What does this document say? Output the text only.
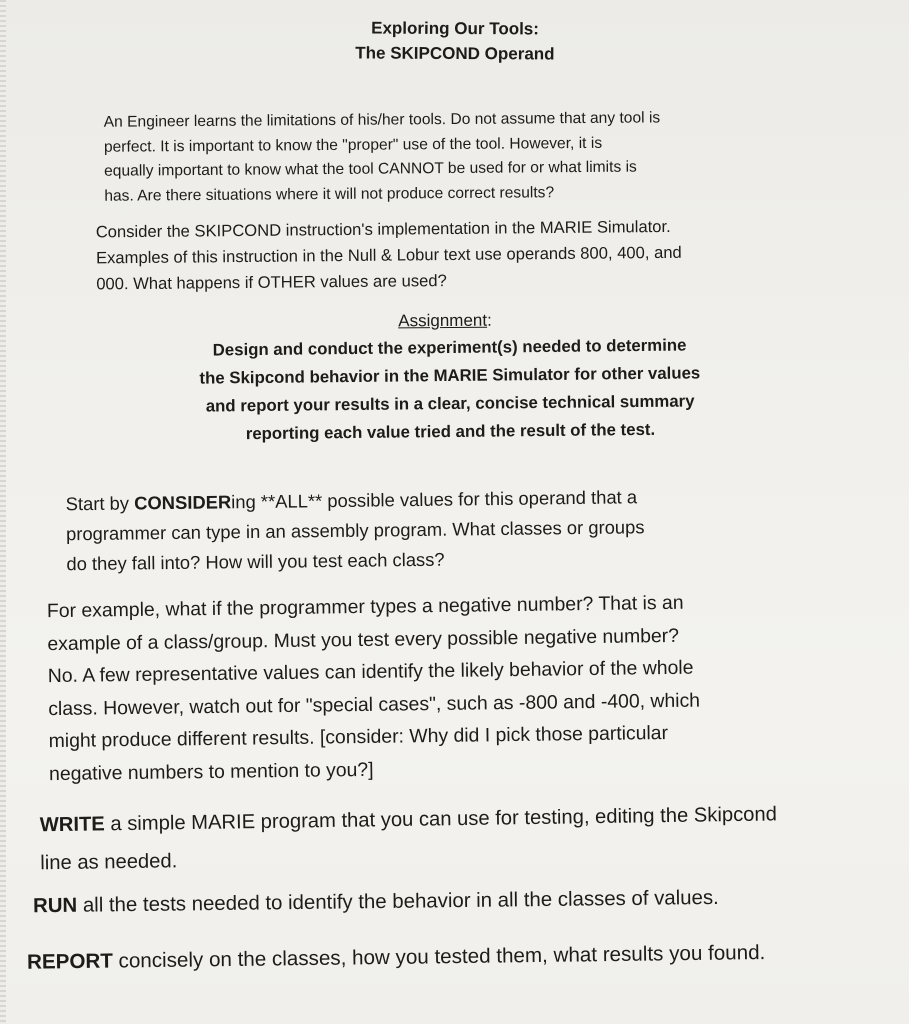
Exploring Our Tools:
The SKIPCOND Operand
An Engineer learns the limitations of his/her tools. Do not assume that any tool is
perfect. It is important to know the "proper" use of the tool. However, it is
equally important to know what the tool CANNOT be used for or what limits is
has. Are there situations where it will not produce correct results?
Consider the SKIPCOND instruction's implementation in the MARIE Simulator.
Examples of this instruction in the Null & Lobur text use operands 800, 400, and
000. What happens if OTHER values are used?
Assignment:
Design and conduct the experiment(s) needed to determine
the Skipcond behavior in the MARIE Simulator for other values
and report your results in a clear, concise technical summary
reporting each value tried and the result of the test.
Start by CONSIDERing **ALL** possible values for this operand that a
programmer can type in an assembly program. What classes or groups
do they fall into? How will you test each class?
For example, what if the programmer types a negative number? That is an
example of a class/group. Must you test every possible negative number?
No. A few representative values can identify the likely behavior of the whole
class. However, watch out for "special cases", such as -800 and -400, which
might produce different results. [consider: Why did I pick those particular
negative numbers to mention to you?]
WRITE a simple MARIE program that you can use for testing, editing the Skipcond
line as needed.
RUN all the tests needed to identify the behavior in all the classes of values.
REPORT concisely on the classes, how you tested them, what results you found.
